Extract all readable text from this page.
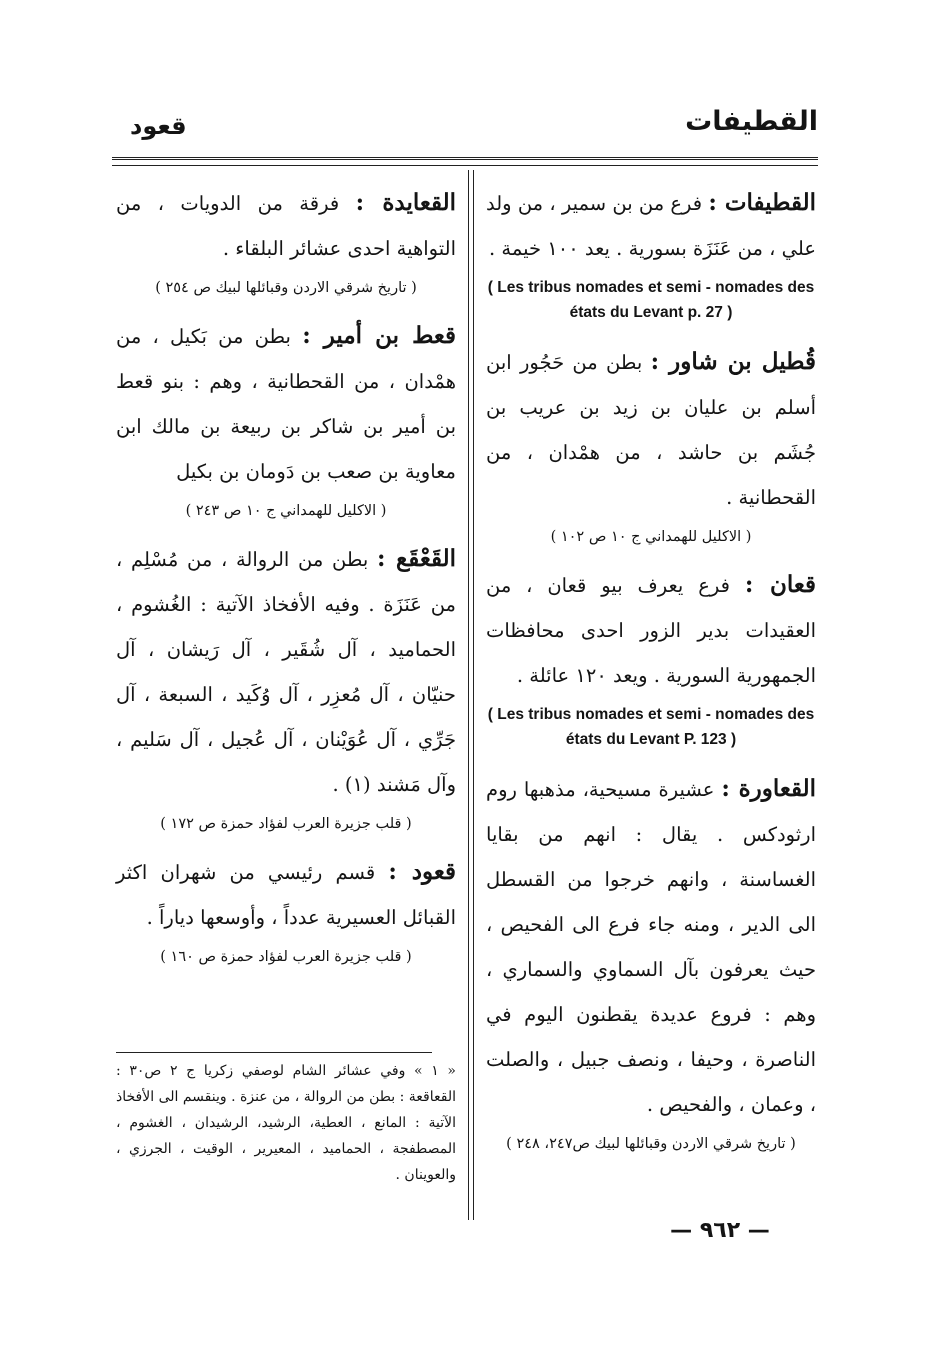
القطيفات
قعود

القطيفات : فرع من بن سمير ، من ولد علي ، من عَنَزَة بسورية . يعد ١٠٠ خيمة .

( Les tribus nomades et semi - nomades des états du Levant p. 27 )

قُطيل بن شاور : بطن من حَجُور ابن أسلم بن عليان بن زيد بن عريب بن جُشَم بن حاشد ، من همْدان ، من القحطانية .

( الاكليل للهمداني ج ١٠ ص ١٠٢ )

قعان : فرع يعرف بيو قعان ، من العقيدات بدير الزور احدى محافظات الجمهورية السورية . ويعد ١٢٠ عائلة .

( Les tribus nomades et semi - nomades des états du Levant P. 123 )

القعاورة : عشيرة مسيحية، مذهبها روم ارثودكس . يقال : انهم من بقايا الغساسنة ، وانهم خرجوا من القسطل الى الدير ، ومنه جاء فرع الى الفحيص ، حيث يعرفون بآل السماوي والسماري ، وهم : فروع عديدة يقطنون اليوم في الناصرة ، وحيفا ، ونصف جبيل ، والصلت ، وعمان ، والفحيص .

( تاريخ شرقي الاردن وقبائلها لبيك ص٢٤٧، ٢٤٨ )

القعايدة : فرقة من الدويات ، من التواهية احدى عشائر البلقاء .

( تاريخ شرقي الاردن وقبائلها لبيك ص ٢٥٤ )

قعط بن أمير : بطن من بَكيل ، من همْدان ، من القحطانية ، وهم : بنو قعط بن أمير بن شاكر بن ربيعة بن مالك ابن معاوية بن صعب بن دَومان بن بكيل

( الاكليل للهمداني ج ١٠ ص ٢٤٣ )

القَعْقَع : بطن من الروالة ، من مُسْلِم ، من عَنَزَة . وفيه الأفخاذ الآتية : الغُشوم ، الحماميد ، آل شُقَير ، آل رَيشان ، آل حنيّان ، آل مُعزِر ، آل وُكَيد ، السبعة ، آل جَرِّي ، آل عُوَيْنان ، آل عُجيل ، آل سَليم ، وآل مَشند (١) .

( قلب جزيرة العرب لفؤاد حمزة ص ١٧٢ )

قعود : قسم رئيسي من شهران اكثر القبائل العسيرية عدداً ، وأوسعها دياراً .

( قلب جزيرة العرب لفؤاد حمزة ص ١٦٠ )
« ١ » وفي عشائر الشام لوصفي زكريا ج ٢ ص٣٠ : القعاقعة : بطن من الروالة ، من عنزة . وينقسم الى الأفخاذ الآتية : المانع ، العطية، الرشيد، الرشيدان ، الغشوم ، المصطفجة ، الحماميد ، المعيرير ، الوقيت ، الجرزي ، والعوينان .
— ٩٦٢ —
